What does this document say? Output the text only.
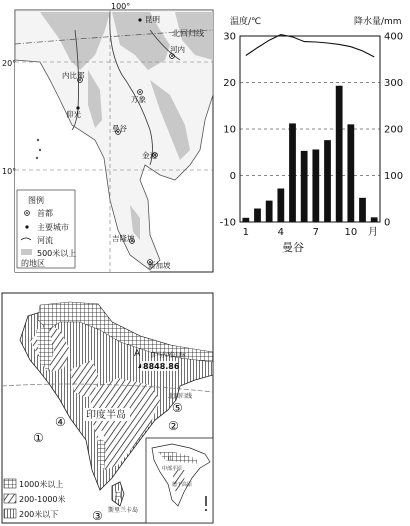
100°
20°
10°
北回归线
昆明
河内
内比都
万象
仰光
曼谷
金边
吉隆坡
新加坡
图例
首都
主要城市
河流
500米以上
的地区
温度/℃	降水量/mm
-10
0
10
20
30
0
100
200
300
400
1	4	7	10 月
曼谷
北回归线
A
8848.86
喜马拉雅山脉
印度半岛
①
②
③
④
⑤
斯里兰卡岛
1000米以上
200-1000米
200米以下
山
中部平原
德干高原
